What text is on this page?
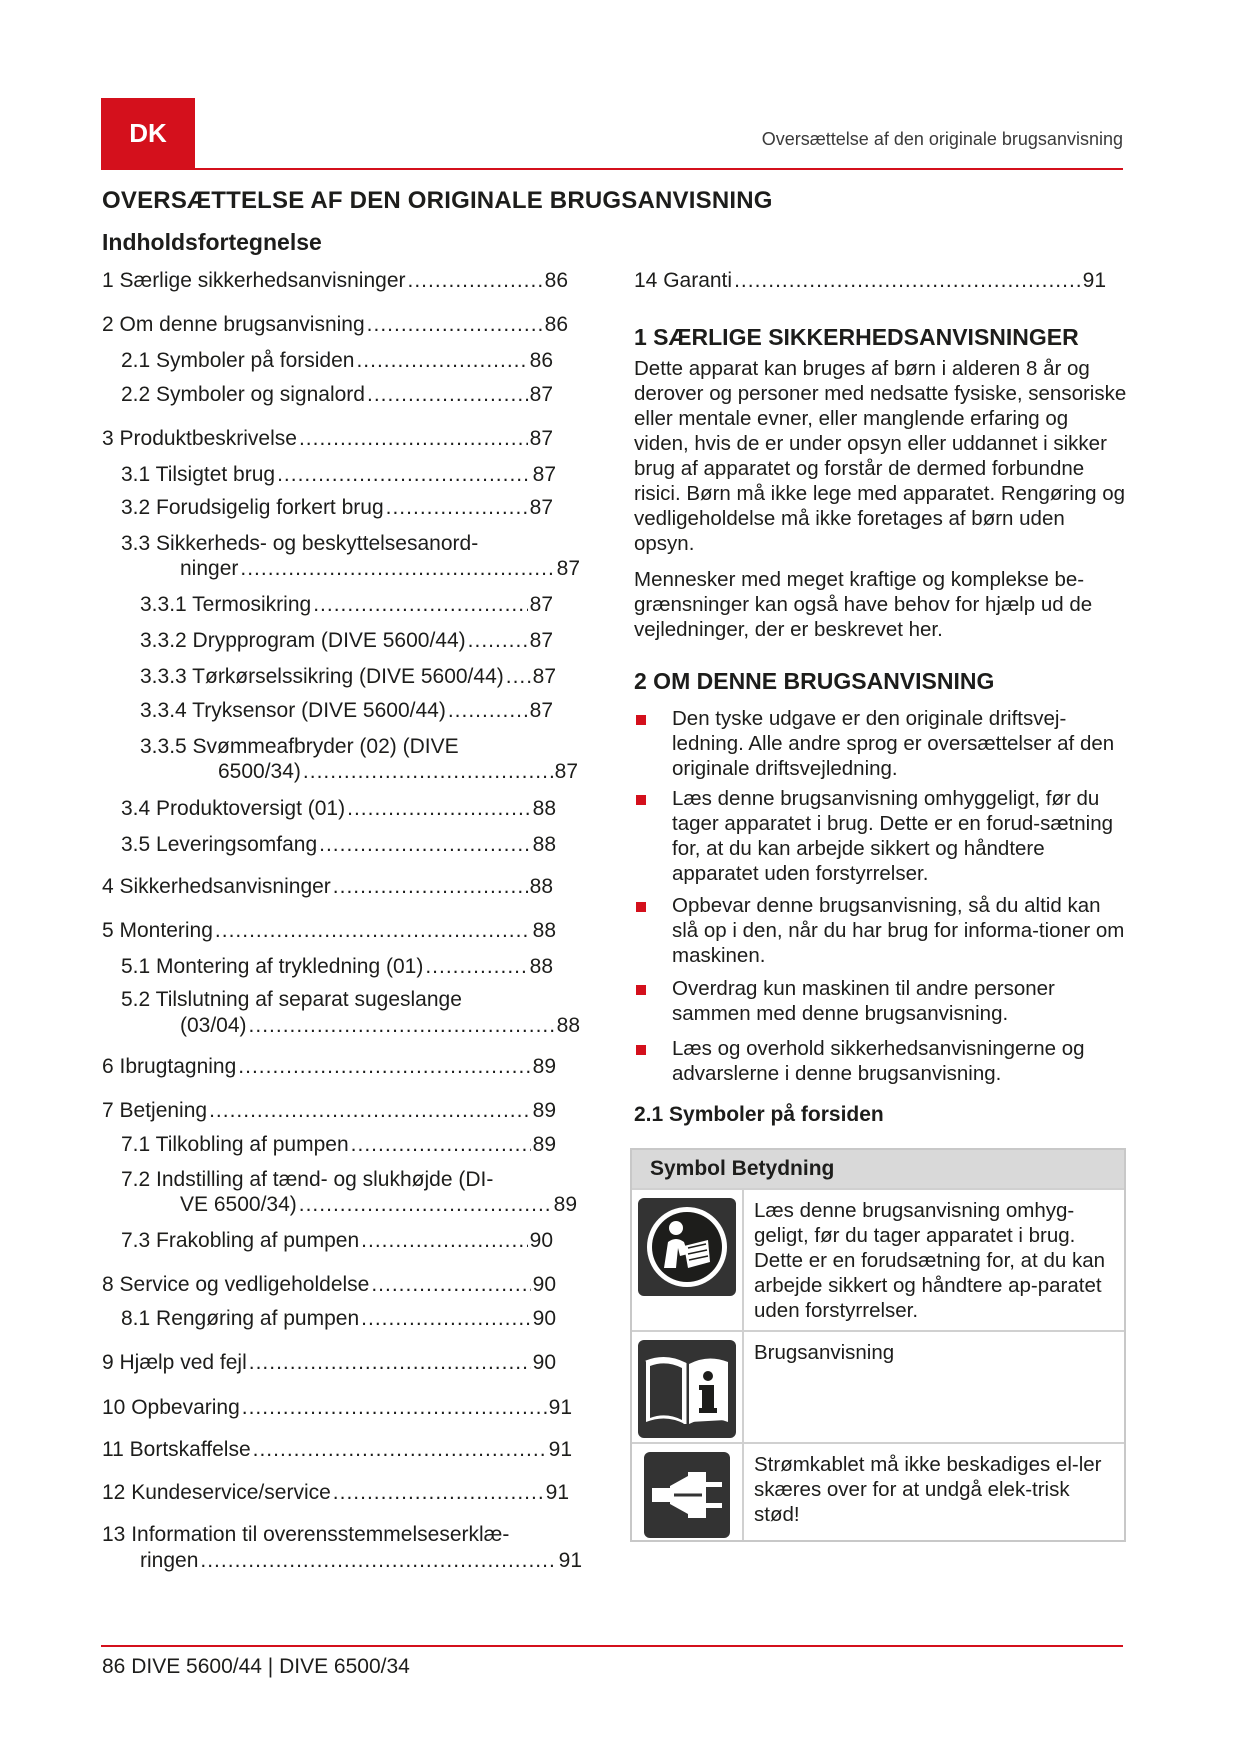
DK	Oversættelse af den originale brugsanvisning
OVERSÆTTELSE AF DEN ORIGINALE BRUGSANVISNING
Indholdsfortegnelse
1 Særlige sikkerhedsanvisninger .....	86
2 Om denne brugsanvisning .....	86
2.1 Symboler på forsiden .....	86
2.2 Symboler og signalord .....	87
3 Produktbeskrivelse .....	87
3.1 Tilsigtet brug .....	87
3.2 Forudsigelig forkert brug .....	87
3.3 Sikkerheds- og beskyttelsesanord-
ninger .....	87
3.3.1 Termosikring .....	87
3.3.2 Drypprogram (DIVE 5600/44) .....	87
3.3.3 Tørkørselssikring (DIVE 5600/44) ..... 87
3.3.4 Tryksensor (DIVE 5600/44) .....	87
3.3.5 Svømmeafbryder (02) (DIVE
6500/34) .....	87
3.4 Produktoversigt (01) .....	88
3.5 Leveringsomfang .....	88
4 Sikkerhedsanvisninger .....	88
5 Montering .....	88
5.1 Montering af trykledning (01) .....	88
5.2 Tilslutning af separat sugeslange
(03/04) .....	88
6 Ibrugtagning .....	89
7 Betjening .....	89
7.1 Tilkobling af pumpen .....	89
7.2 Indstilling af tænd- og slukhøjde (DI-
VE 6500/34) .....	89
7.3 Frakobling af pumpen .....	90
8 Service og vedligeholdelse .....	90
8.1 Rengøring af pumpen .....	90
9 Hjælp ved fejl .....	90
10 Opbevaring .....	91
11 Bortskaffelse .....	91
12 Kundeservice/service .....	91
13 Information til overensstemmelseserklæ-
ringen .....	91
14 Garanti .....	91
1 SÆRLIGE SIKKERHEDSANVISNINGER

Dette apparat kan bruges af børn i alderen 8 år og derover og personer med nedsatte fysiske, sensoriske eller mentale evner, eller manglende erfaring og viden, hvis de er under opsyn eller uddannet i sikker brug af apparatet og forstår de dermed forbundne risici. Børn må ikke lege med apparatet. Rengøring og vedligeholdelse må ikke foretages af børn uden opsyn.

Mennesker med meget kraftige og komplekse be-grænsninger kan også have behov for hjælp ud de vejledninger, der er beskrevet her.

2 OM DENNE BRUGSANVISNING
Den tyske udgave er den originale driftsvej-ledning. Alle andre sprog er oversættelser af den originale driftsvejledning.
Læs denne brugsanvisning omhyggeligt, før du tager apparatet i brug. Dette er en forud-sætning for, at du kan arbejde sikkert og håndtere apparatet uden forstyrrelser.
Opbevar denne brugsanvisning, så du altid kan slå op i den, når du har brug for informa-tioner om maskinen.
Overdrag kun maskinen til andre personer sammen med denne brugsanvisning.
Læs og overhold sikkerhedsanvisningerne og advarslerne i denne brugsanvisning.
2.1 Symboler på forsiden
Symbol Betydning
Læs denne brugsanvisning omhyg-geligt, før du tager apparatet i brug. Dette er en forudsætning for, at du kan arbejde sikkert og håndtere ap-paratet uden forstyrrelser.
Brugsanvisning
Strømkablet må ikke beskadiges el-ler skæres over for at undgå elek-trisk stød!
86 DIVE 5600/44 | DIVE 6500/34
